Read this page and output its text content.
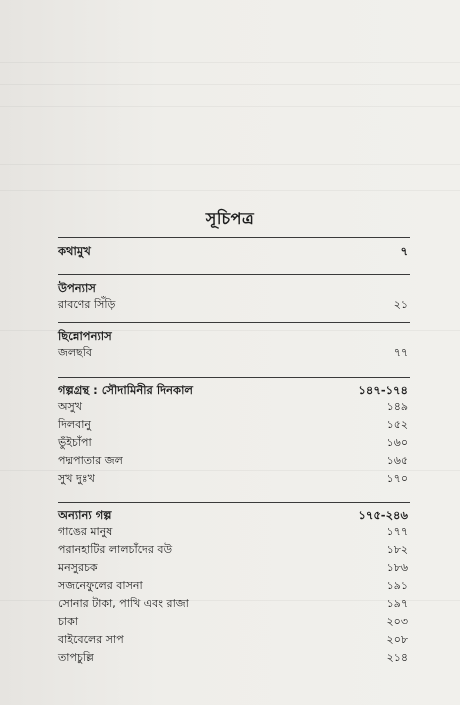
সূচিপত্র
কথামুখ	৭
উপন্যাস
রাবণের সিঁড়ি	২১
ছিন্নোপন্যাস
জলছবি	৭৭
গল্পগ্রন্থ : সৌদামিনীর দিনকাল	১৪৭-১৭৪
অসুখ	১৪৯
দিলবানু	১৫২
ভুঁইচাঁপা	১৬০
পদ্মপাতার জল	১৬৫
সুখ দুঃখ	১৭০
অন্যান্য গল্প	১৭৫-২৪৬
গাঙের মানুষ	১৭৭
পরানহাটির লালচাঁদের বউ	১৮২
মনসুরচক	১৮৬
সজনেফুলের বাসনা	১৯১
সোনার টাকা, পাখি এবং রাজা	১৯৭
চাকা	২০৩
বাইবেলের সাপ	২০৮
তাপচুল্লি	২১৪
